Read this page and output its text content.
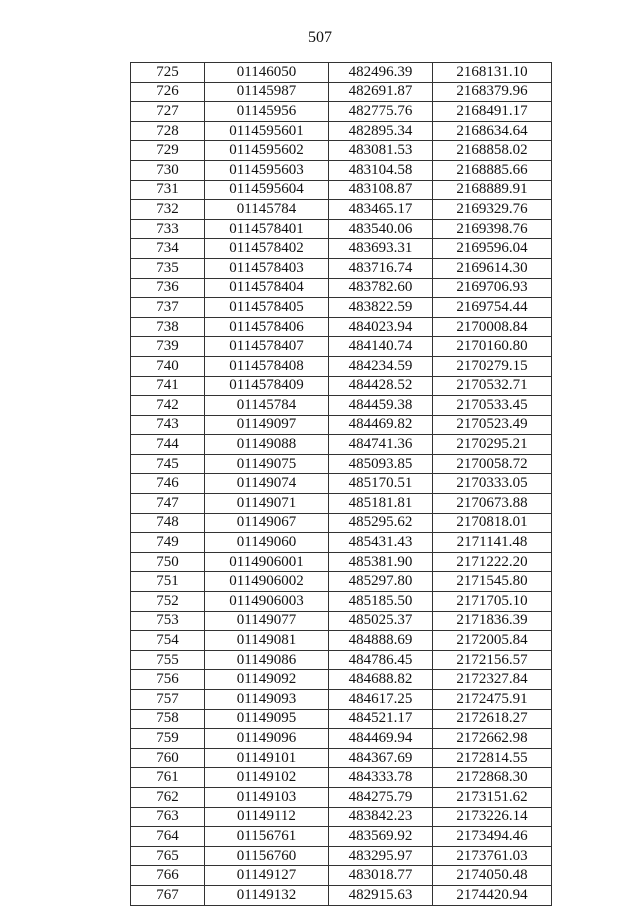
507
725	01146050	482496.39	2168131.10
726	01145987	482691.87	2168379.96
727	01145956	482775.76	2168491.17
728	0114595601	482895.34	2168634.64
729	0114595602	483081.53	2168858.02
730	0114595603	483104.58	2168885.66
731	0114595604	483108.87	2168889.91
732	01145784	483465.17	2169329.76
733	0114578401	483540.06	2169398.76
734	0114578402	483693.31	2169596.04
735	0114578403	483716.74	2169614.30
736	0114578404	483782.60	2169706.93
737	0114578405	483822.59	2169754.44
738	0114578406	484023.94	2170008.84
739	0114578407	484140.74	2170160.80
740	0114578408	484234.59	2170279.15
741	0114578409	484428.52	2170532.71
742	01145784	484459.38	2170533.45
743	01149097	484469.82	2170523.49
744	01149088	484741.36	2170295.21
745	01149075	485093.85	2170058.72
746	01149074	485170.51	2170333.05
747	01149071	485181.81	2170673.88
748	01149067	485295.62	2170818.01
749	01149060	485431.43	2171141.48
750	0114906001	485381.90	2171222.20
751	0114906002	485297.80	2171545.80
752	0114906003	485185.50	2171705.10
753	01149077	485025.37	2171836.39
754	01149081	484888.69	2172005.84
755	01149086	484786.45	2172156.57
756	01149092	484688.82	2172327.84
757	01149093	484617.25	2172475.91
758	01149095	484521.17	2172618.27
759	01149096	484469.94	2172662.98
760	01149101	484367.69	2172814.55
761	01149102	484333.78	2172868.30
762	01149103	484275.79	2173151.62
763	01149112	483842.23	2173226.14
764	01156761	483569.92	2173494.46
765	01156760	483295.97	2173761.03
766	01149127	483018.77	2174050.48
767	01149132	482915.63	2174420.94
